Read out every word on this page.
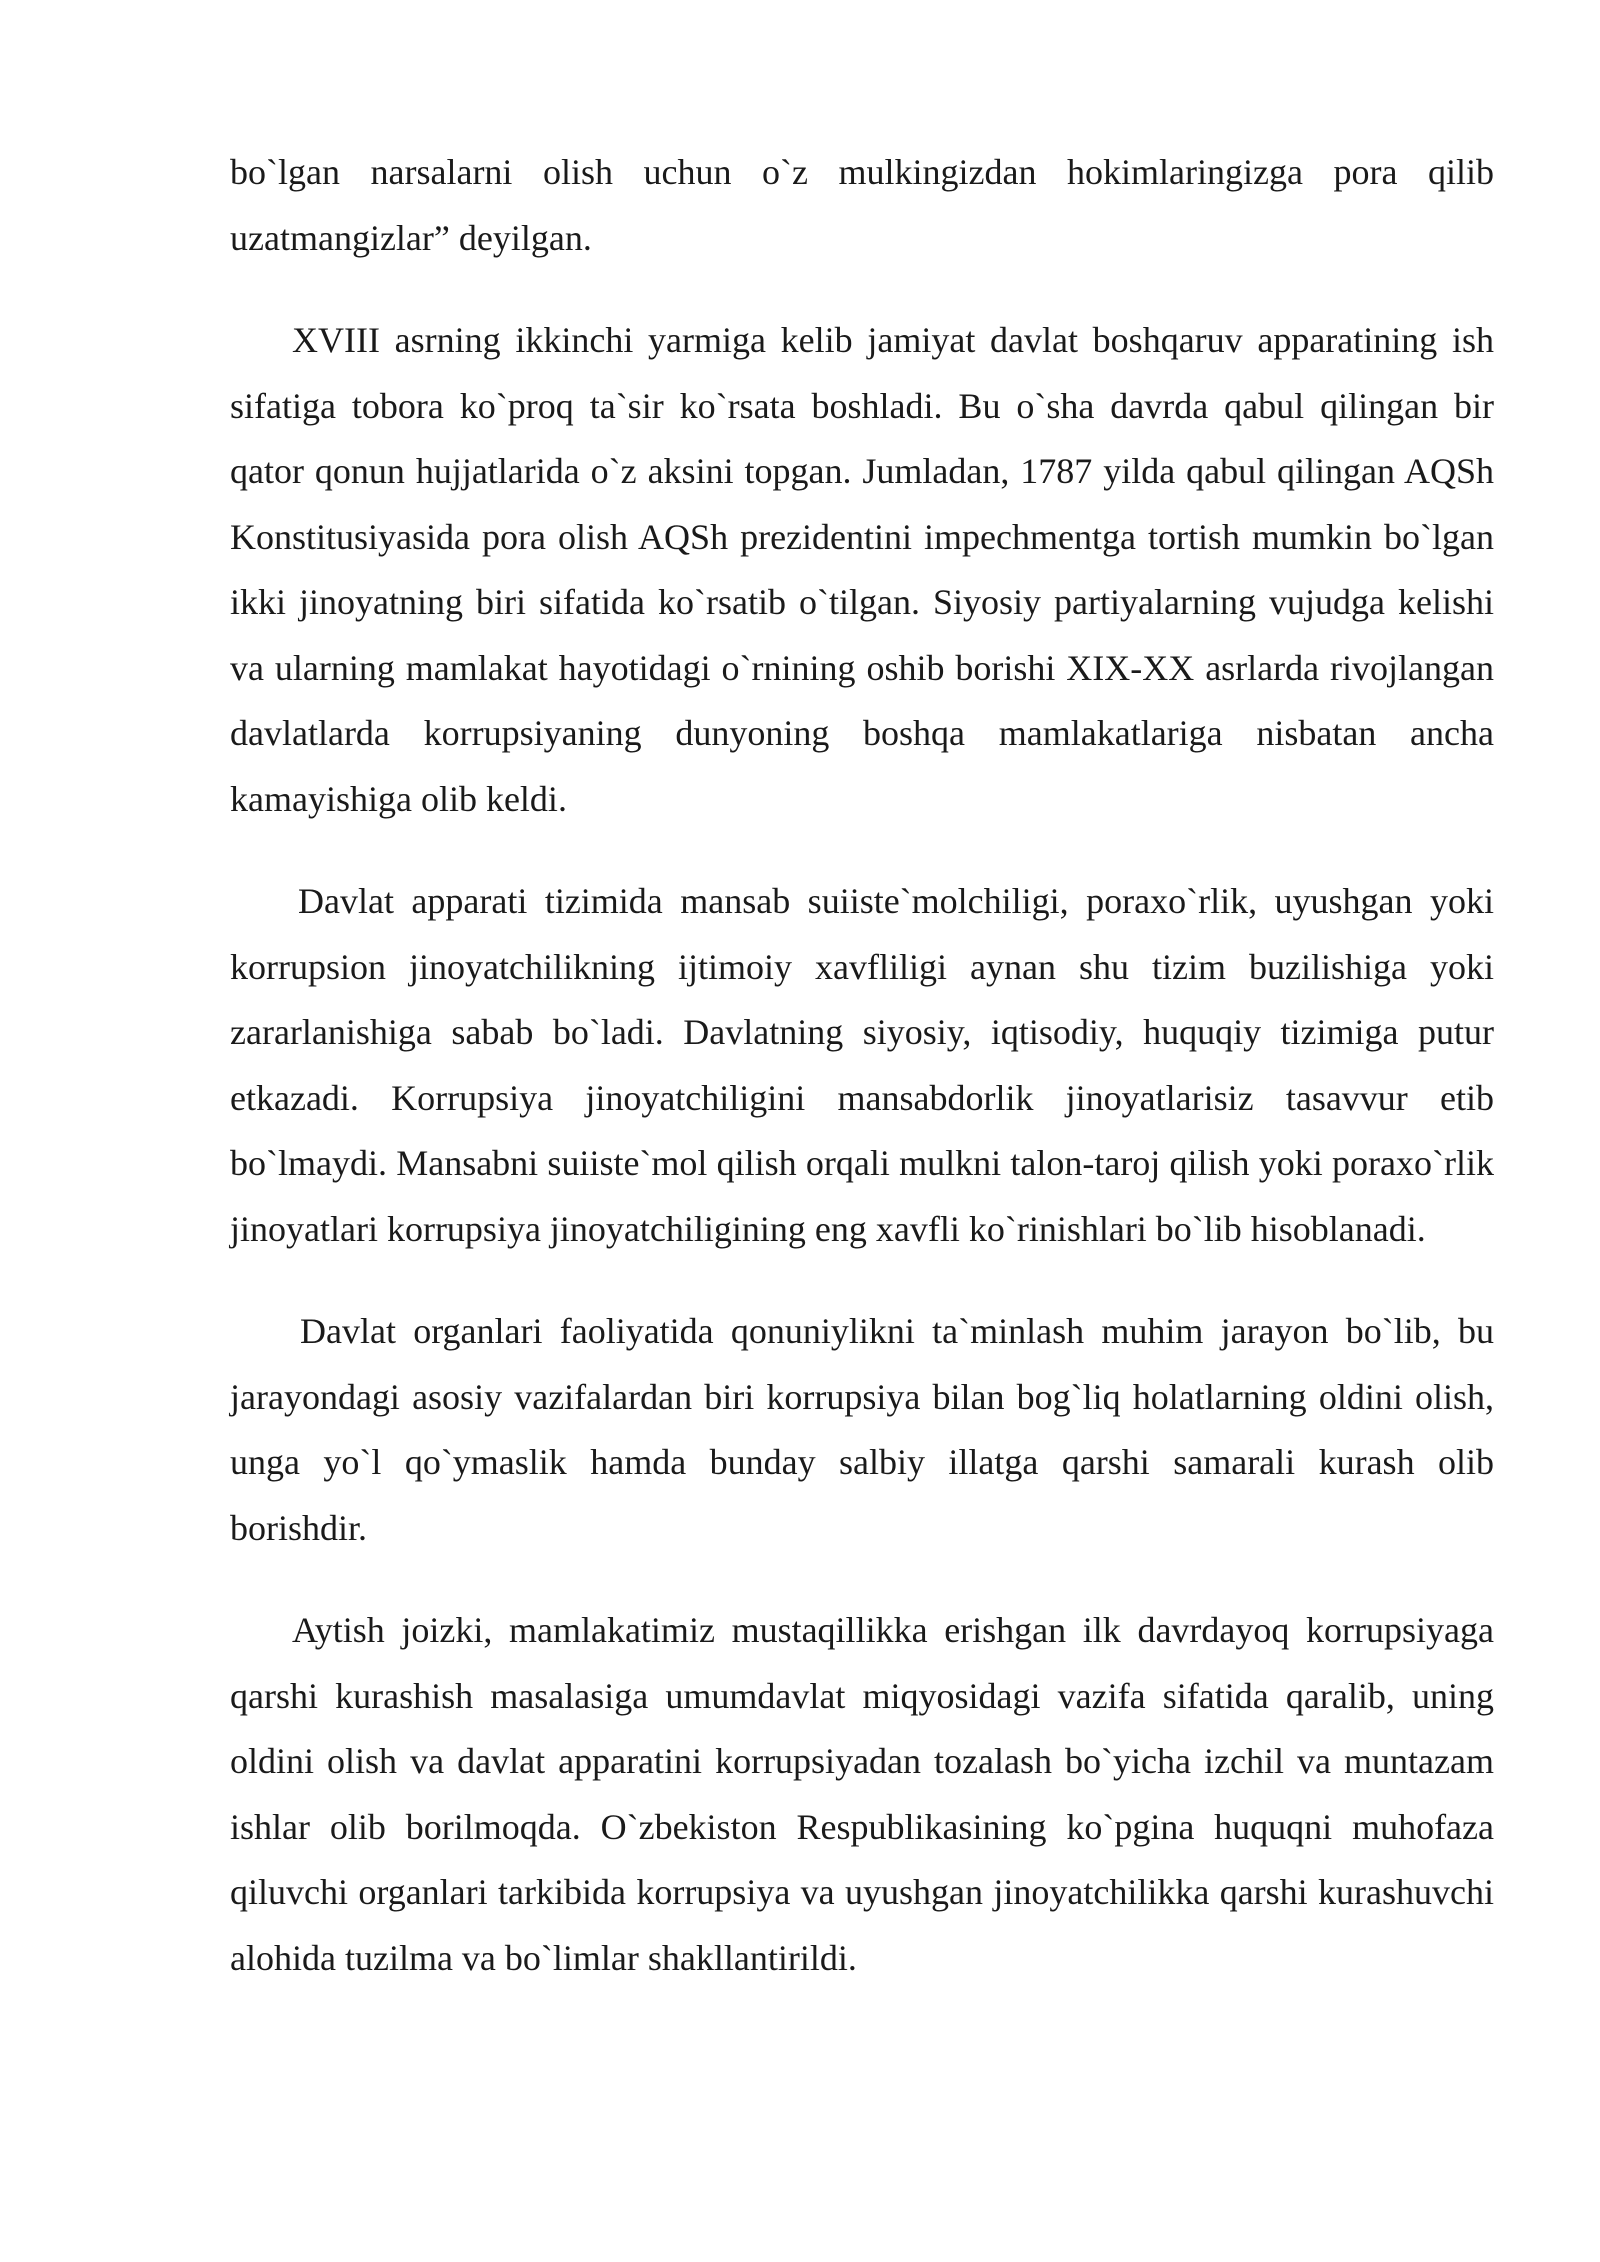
bo`lgan narsalarni olish uchun o`z mulkingizdan hokimlaringizga pora qilib uzatmangizlar” deyilgan.

XVIII asrning ikkinchi yarmiga kelib jamiyat davlat boshqaruv apparatining ish sifatiga tobora ko`proq ta`sir ko`rsata boshladi. Bu o`sha davrda qabul qilingan bir qator qonun hujjatlarida o`z aksini topgan. Jumladan, 1787 yilda qabul qilingan AQSh Konstitusiyasida pora olish AQSh prezidentini impechmentga tortish mumkin bo`lgan ikki jinoyatning biri sifatida ko`rsatib o`tilgan. Siyosiy partiyalarning vujudga kelishi va ularning mamlakat hayotidagi o`rnining oshib borishi XIX-XX asrlarda rivojlangan davlatlarda korrupsiyaning dunyoning boshqa mamlakatlariga nisbatan ancha kamayishiga olib keldi.

Davlat apparati tizimida mansab suiiste`molchiligi, poraxo`rlik, uyushgan yoki korrupsion jinoyatchilikning ijtimoiy xavfliligi aynan shu tizim buzilishiga yoki zararlanishiga sabab bo`ladi. Davlatning siyosiy, iqtisodiy, huquqiy tizimiga putur etkazadi. Korrupsiya jinoyatchiligini mansabdorlik jinoyatlarisiz tasavvur etib bo`lmaydi. Mansabni suiiste`mol qilish orqali mulkni talon-taroj qilish yoki poraxo`rlik jinoyatlari korrupsiya jinoyatchiligining eng xavfli ko`rinishlari bo`lib hisoblanadi.

Davlat organlari faoliyatida qonuniylikni ta`minlash muhim jarayon bo`lib, bu jarayondagi asosiy vazifalardan biri korrupsiya bilan bog`liq holatlarning oldini olish, unga yo`l qo`ymaslik hamda bunday salbiy illatga qarshi samarali kurash olib borishdir.

Aytish joizki, mamlakatimiz mustaqillikka erishgan ilk davrdayoq korrupsiyaga qarshi kurashish masalasiga umumdavlat miqyosidagi vazifa sifatida qaralib, uning oldini olish va davlat apparatini korrupsiyadan tozalash bo`yicha izchil va muntazam ishlar olib borilmoqda. O`zbekiston Respublikasining ko`pgina huquqni muhofaza qiluvchi organlari tarkibida korrupsiya va uyushgan jinoyatchilikka qarshi kurashuvchi alohida tuzilma va bo`limlar shakllantirildi.
